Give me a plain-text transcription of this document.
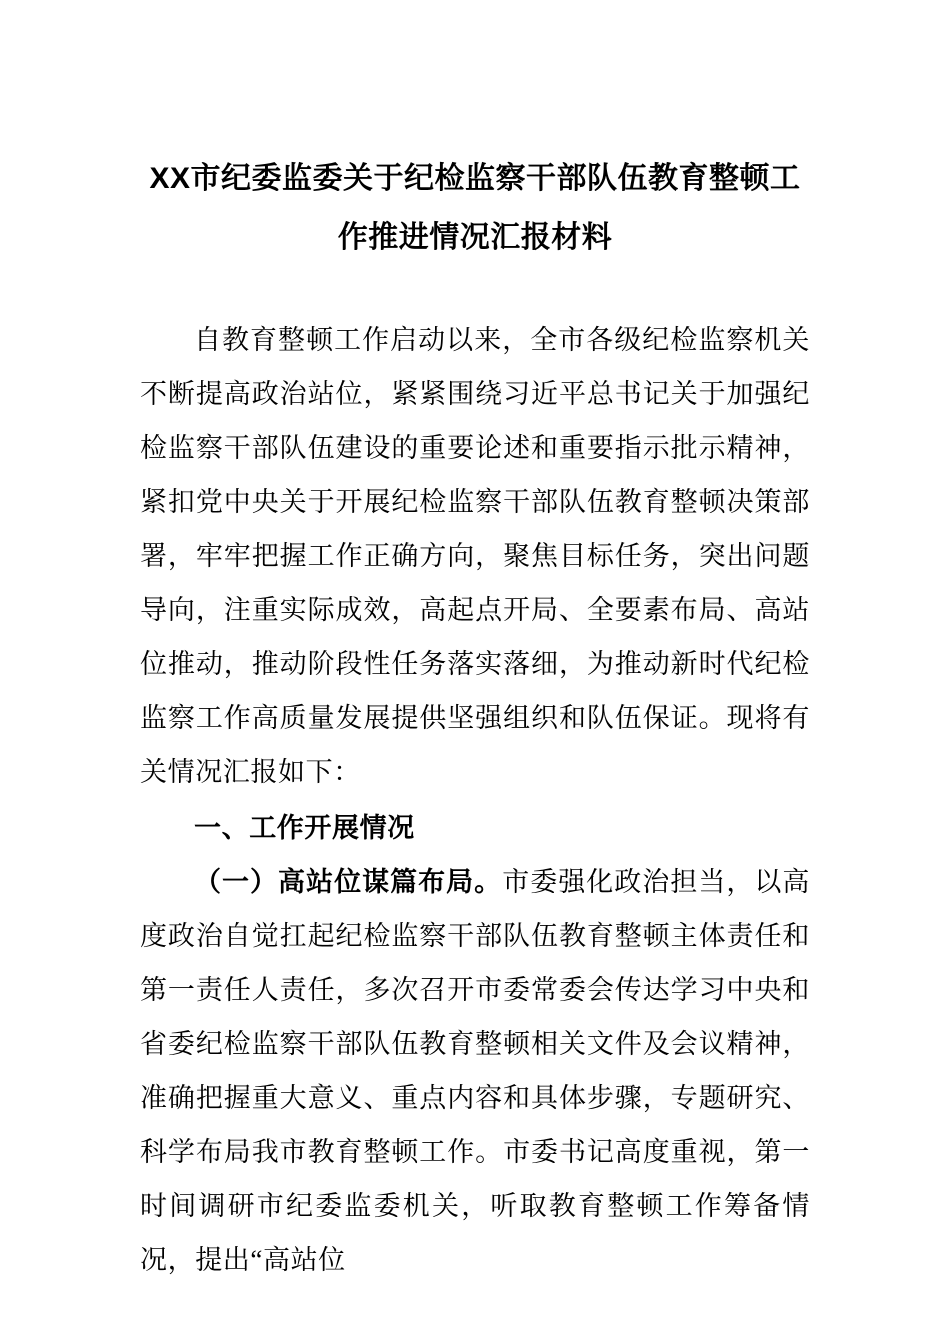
XX市纪委监委关于纪检监察干部队伍教育整顿工作推进情况汇报材料

自教育整顿工作启动以来，全市各级纪检监察机关不断提高政治站位，紧紧围绕习近平总书记关于加强纪检监察干部队伍建设的重要论述和重要指示批示精神，紧扣党中央关于开展纪检监察干部队伍教育整顿决策部署，牢牢把握工作正确方向，聚焦目标任务，突出问题导向，注重实际成效，高起点开局、全要素布局、高站位推动，推动阶段性任务落实落细，为推动新时代纪检监察工作高质量发展提供坚强组织和队伍保证。现将有关情况汇报如下：

一、工作开展情况

（一）高站位谋篇布局。市委强化政治担当，以高度政治自觉扛起纪检监察干部队伍教育整顿主体责任和第一责任人责任，多次召开市委常委会传达学习中央和省委纪检监察干部队伍教育整顿相关文件及会议精神，准确把握重大意义、重点内容和具体步骤，专题研究、科学布局我市教育整顿工作。市委书记高度重视，第一时间调研市纪委监委机关，听取教育整顿工作筹备情况，提出“高站位
